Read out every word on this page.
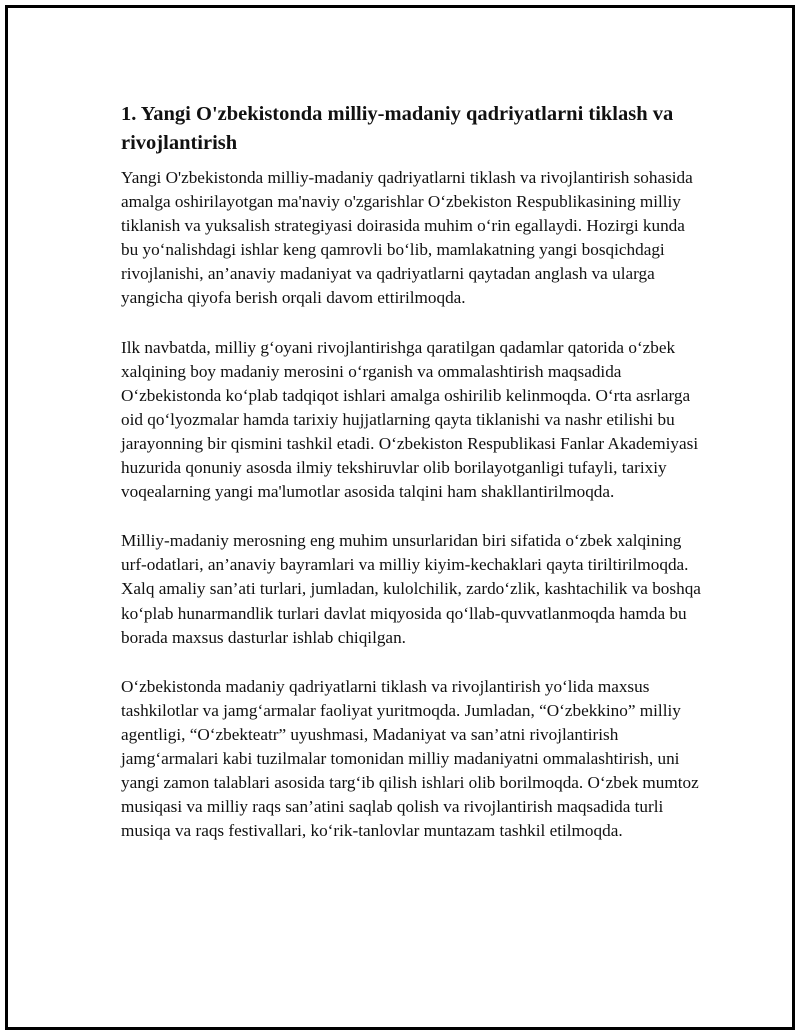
1. Yangi O'zbekistonda milliy-madaniy qadriyatlarni tiklash va rivojlantirish

Yangi O'zbekistonda milliy-madaniy qadriyatlarni tiklash va rivojlantirish sohasida amalga oshirilayotgan ma'naviy o'zgarishlar O‘zbekiston Respublikasining milliy tiklanish va yuksalish strategiyasi doirasida muhim o‘rin egallaydi. Hozirgi kunda bu yo‘nalishdagi ishlar keng qamrovli bo‘lib, mamlakatning yangi bosqichdagi rivojlanishi, an’anaviy madaniyat va qadriyatlarni qaytadan anglash va ularga yangicha qiyofa berish orqali davom ettirilmoqda.

Ilk navbatda, milliy g‘oyani rivojlantirishga qaratilgan qadamlar qatorida o‘zbek xalqining boy madaniy merosini o‘rganish va ommalashtirish maqsadida O‘zbekistonda ko‘plab tadqiqot ishlari amalga oshirilib kelinmoqda. O‘rta asrlarga oid qo‘lyozmalar hamda tarixiy hujjatlarning qayta tiklanishi va nashr etilishi bu jarayonning bir qismini tashkil etadi. O‘zbekiston Respublikasi Fanlar Akademiyasi huzurida qonuniy asosda ilmiy tekshiruvlar olib borilayotganligi tufayli, tarixiy voqealarning yangi ma'lumotlar asosida talqini ham shakllantirilmoqda.

Milliy-madaniy merosning eng muhim unsurlaridan biri sifatida o‘zbek xalqining urf-odatlari, an’anaviy bayramlari va milliy kiyim-kechaklari qayta tiriltirilmoqda. Xalq amaliy san’ati turlari, jumladan, kulolchilik, zardo‘zlik, kashtachilik va boshqa ko‘plab hunarmandlik turlari davlat miqyosida qo‘llab-quvvatlanmoqda hamda bu borada maxsus dasturlar ishlab chiqilgan.

O‘zbekistonda madaniy qadriyatlarni tiklash va rivojlantirish yo‘lida maxsus tashkilotlar va jamg‘armalar faoliyat yuritmoqda. Jumladan, “O‘zbekkino” milliy agentligi, “O‘zbekteatr” uyushmasi, Madaniyat va san’atni rivojlantirish jamg‘armalari kabi tuzilmalar tomonidan milliy madaniyatni ommalashtirish, uni yangi zamon talablari asosida targ‘ib qilish ishlari olib borilmoqda. O‘zbek mumtoz musiqasi va milliy raqs san’atini saqlab qolish va rivojlantirish maqsadida turli musiqa va raqs festivallari, ko‘rik-tanlovlar muntazam tashkil etilmoqda.
